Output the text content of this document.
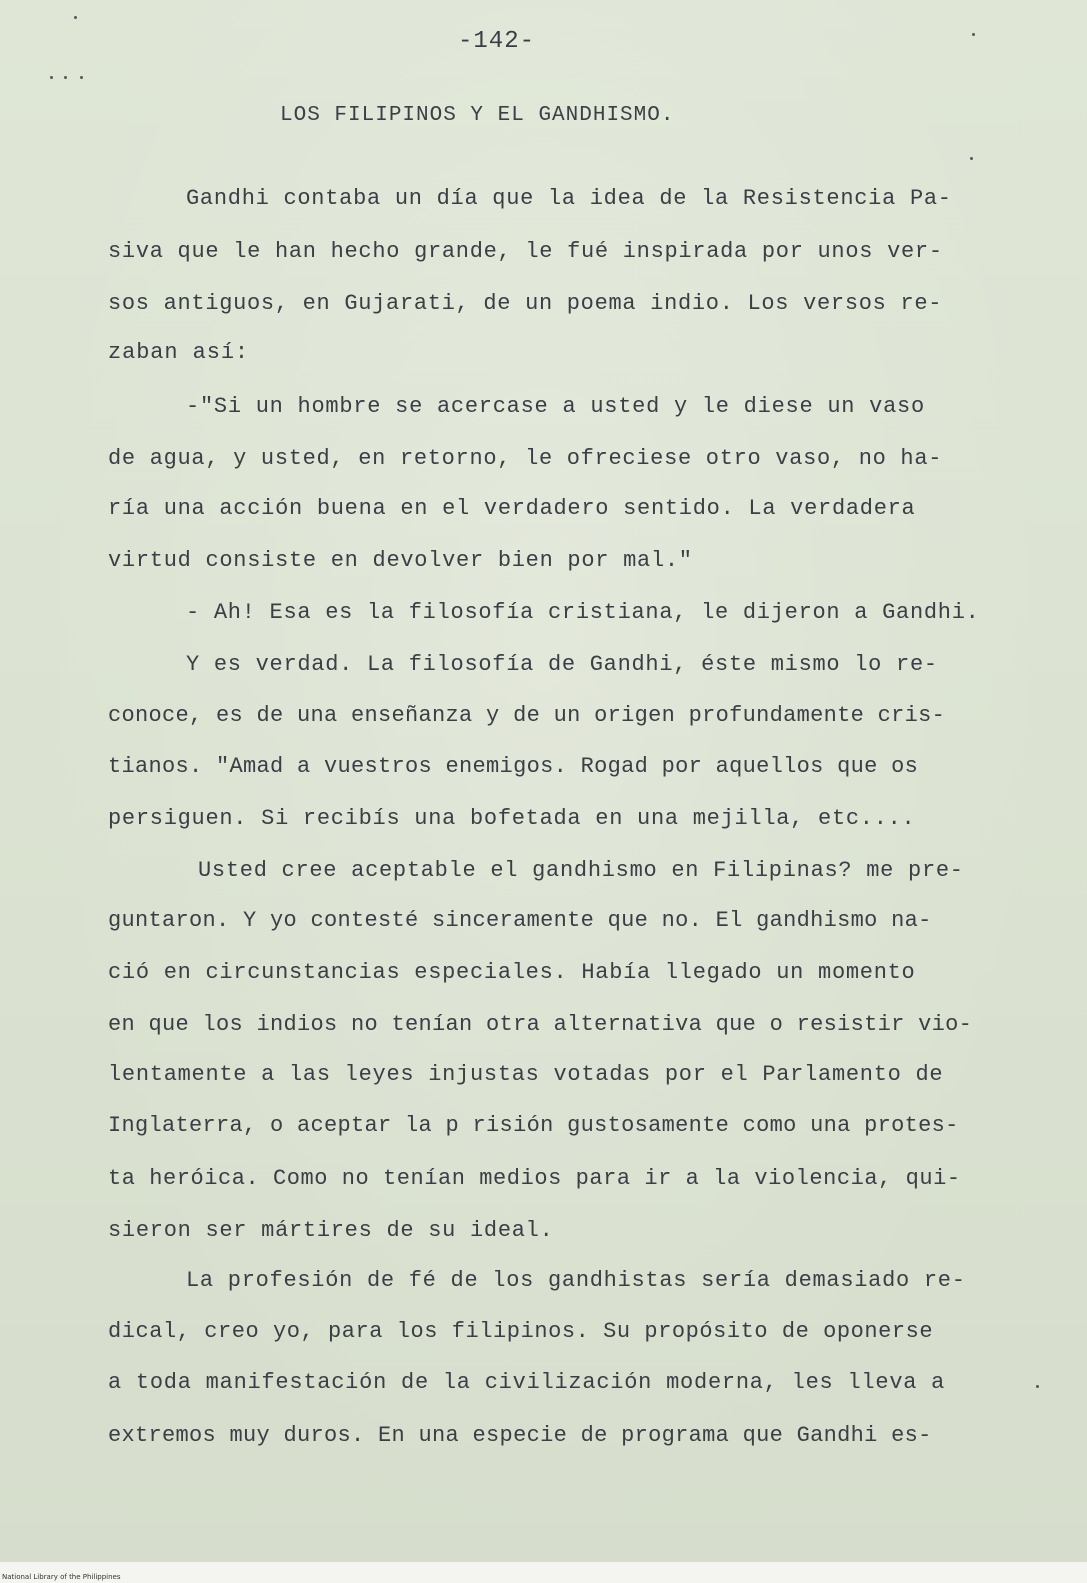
-142-
LOS FILIPINOS Y EL GANDHISMO.
Gandhi contaba un día que la idea de la Resistencia Pa-
siva que le han hecho grande, le fué inspirada por unos ver-
sos antiguos, en Gujarati, de un poema indio. Los versos re-
zaban así:
-"Si un hombre se acercase a usted y le diese un vaso
de agua, y usted, en retorno, le ofreciese otro vaso, no ha-
ría una acción buena en el verdadero sentido. La verdadera
virtud consiste en devolver bien por mal."
- Ah! Esa es la filosofía cristiana, le dijeron a Gandhi.
Y es verdad. La filosofía de Gandhi, éste mismo lo re-
conoce, es de una enseñanza y de un origen profundamente cris-
tianos. "Amad a vuestros enemigos. Rogad por aquellos que os
persiguen. Si recibís una bofetada en una mejilla, etc....
Usted cree aceptable el gandhismo en Filipinas? me pre-
guntaron. Y yo contesté sinceramente que no. El gandhismo na-
ció en circunstancias especiales. Había llegado un momento
en que los indios no tenían otra alternativa que o resistir vio-
lentamente a las leyes injustas votadas por el Parlamento de
Inglaterra, o aceptar la p risión gustosamente como una protes-
ta heróica. Como no tenían medios para ir a la violencia, qui-
sieron ser mártires de su ideal.
La profesión de fé de los gandhistas sería demasiado re-
dical, creo yo, para los filipinos. Su propósito de oponerse
a toda manifestación de la civilización moderna, les lleva a
extremos muy duros. En una especie de programa que Gandhi es-
National Library of the Philippines
